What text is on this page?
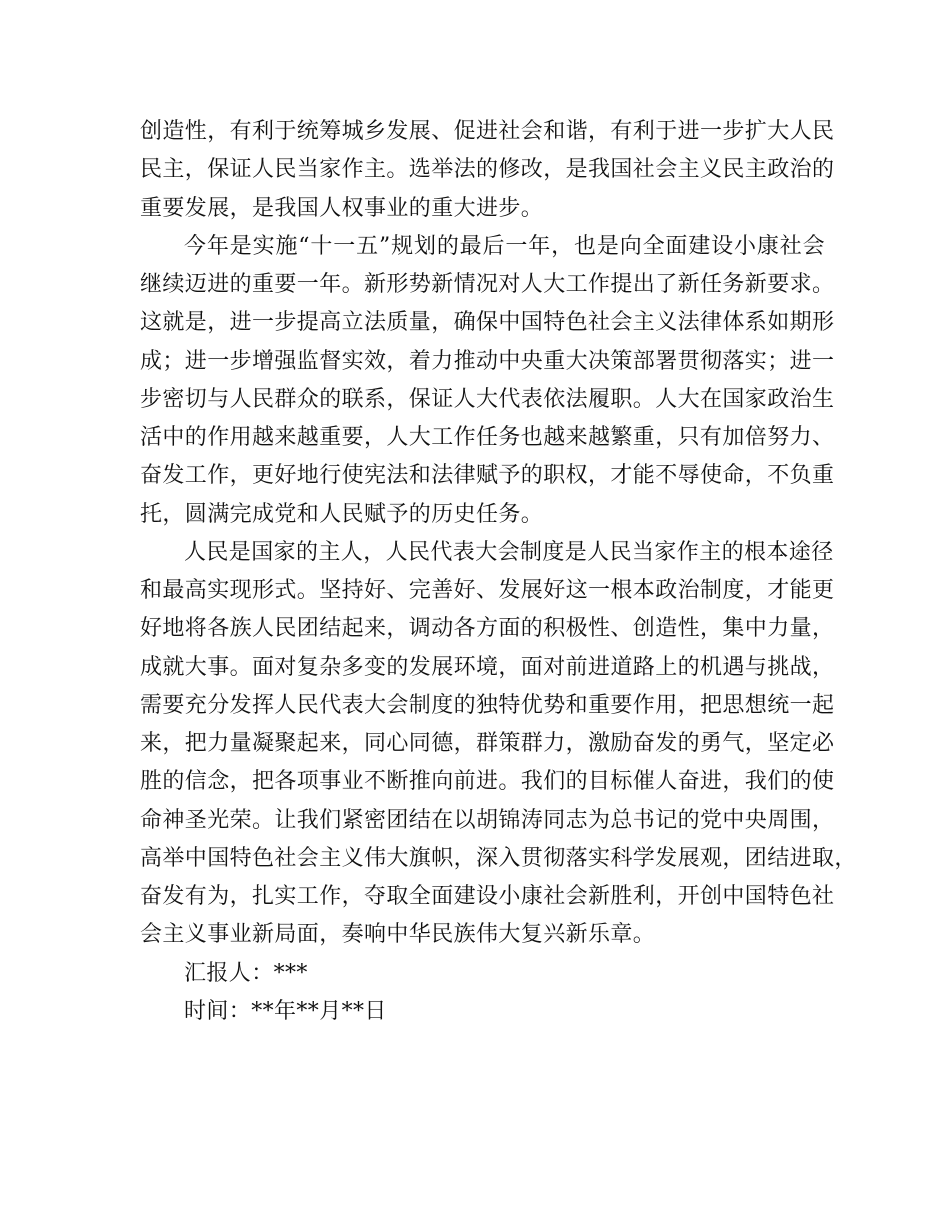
创造性，有利于统筹城乡发展、促进社会和谐，有利于进一步扩大人民
民主，保证人民当家作主。选举法的修改，是我国社会主义民主政治的
重要发展，是我国人权事业的重大进步。
今年是实施“十一五”规划的最后一年，也是向全面建设小康社会
继续迈进的重要一年。新形势新情况对人大工作提出了新任务新要求。
这就是，进一步提高立法质量，确保中国特色社会主义法律体系如期形
成；进一步增强监督实效，着力推动中央重大决策部署贯彻落实；进一
步密切与人民群众的联系，保证人大代表依法履职。人大在国家政治生
活中的作用越来越重要，人大工作任务也越来越繁重，只有加倍努力、
奋发工作，更好地行使宪法和法律赋予的职权，才能不辱使命，不负重
托，圆满完成党和人民赋予的历史任务。
人民是国家的主人，人民代表大会制度是人民当家作主的根本途径
和最高实现形式。坚持好、完善好、发展好这一根本政治制度，才能更
好地将各族人民团结起来，调动各方面的积极性、创造性，集中力量，
成就大事。面对复杂多变的发展环境，面对前进道路上的机遇与挑战，
需要充分发挥人民代表大会制度的独特优势和重要作用，把思想统一起
来，把力量凝聚起来，同心同德，群策群力，激励奋发的勇气，坚定必
胜的信念，把各项事业不断推向前进。我们的目标催人奋进，我们的使
命神圣光荣。让我们紧密团结在以胡锦涛同志为总书记的党中央周围，
高举中国特色社会主义伟大旗帜，深入贯彻落实科学发展观，团结进取，
奋发有为，扎实工作，夺取全面建设小康社会新胜利，开创中国特色社
会主义事业新局面，奏响中华民族伟大复兴新乐章。
汇报人：***
时间：**年**月**日
